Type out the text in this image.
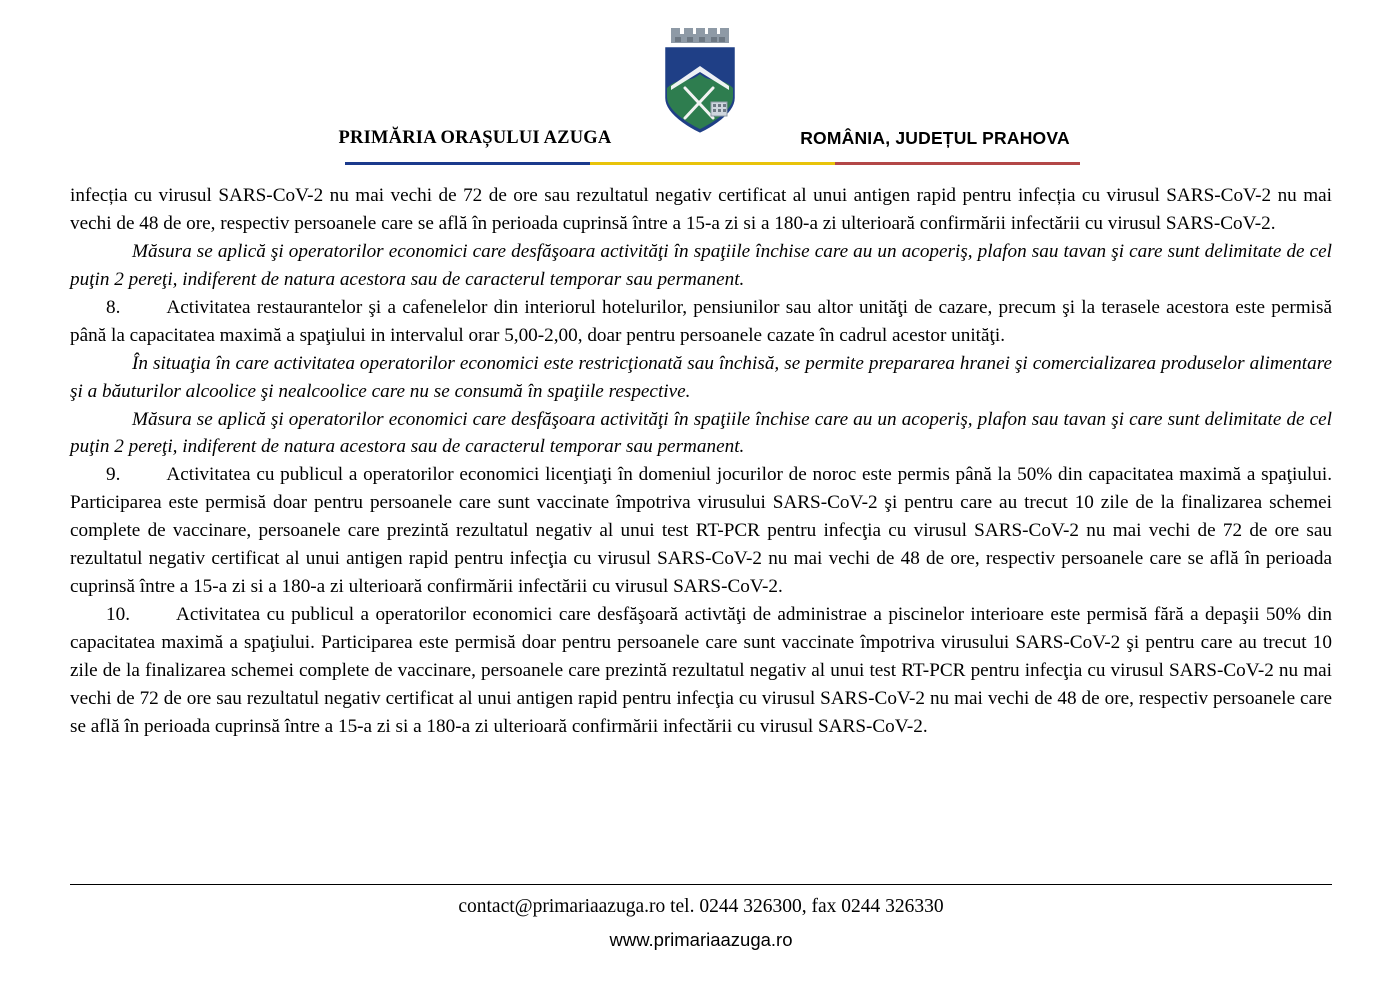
PRIMĂRIA ORAȘULUI AZUGA	ROMÂNIA, JUDEȚUL PRAHOVA

infecția cu virusul SARS-CoV-2 nu mai vechi de 72 de ore sau rezultatul negativ certificat al unui antigen rapid pentru infecția cu virusul SARS-CoV-2 nu mai vechi de 48 de ore, respectiv persoanele care se află în perioada cuprinsă între a 15-a zi si a 180-a zi ulterioară confirmării infectării cu virusul SARS-CoV-2.

Măsura se aplică şi operatorilor economici care desfăşoara activităţi în spaţiile închise care au un acoperiş, plafon sau tavan şi care sunt delimitate de cel puţin 2 pereţi, indiferent de natura acestora sau de caracterul temporar sau permanent.

8. Activitatea restaurantelor şi a cafenelelor din interiorul hotelurilor, pensiunilor sau altor unităţi de cazare, precum şi la terasele acestora este permisă până la capacitatea maximă a spaţiului in intervalul orar 5,00-2,00, doar pentru persoanele cazate în cadrul acestor unităţi.

În situaţia în care activitatea operatorilor economici este restricţionată sau închisă, se permite prepararea hranei şi comercializarea produselor alimentare şi a băuturilor alcoolice şi nealcoolice care nu se consumă în spaţiile respective.

Măsura se aplică şi operatorilor economici care desfăşoara activităţi în spaţiile închise care au un acoperiş, plafon sau tavan şi care sunt delimitate de cel puţin 2 pereţi, indiferent de natura acestora sau de caracterul temporar sau permanent.

9. Activitatea cu publicul a operatorilor economici licenţiaţi în domeniul jocurilor de noroc este permis până la 50% din capacitatea maximă a spaţiului. Participarea este permisă doar pentru persoanele care sunt vaccinate împotriva virusului SARS-CoV-2 şi pentru care au trecut 10 zile de la finalizarea schemei complete de vaccinare, persoanele care prezintă rezultatul negativ al unui test RT-PCR pentru infecţia cu virusul SARS-CoV-2 nu mai vechi de 72 de ore sau rezultatul negativ certificat al unui antigen rapid pentru infecţia cu virusul SARS-CoV-2 nu mai vechi de 48 de ore, respectiv persoanele care se află în perioada cuprinsă între a 15-a zi si a 180-a zi ulterioară confirmării infectării cu virusul SARS-CoV-2.

10. Activitatea cu publicul a operatorilor economici care desfăşoară activtăţi de administrae a piscinelor interioare este permisă fără a depaşii 50% din capacitatea maximă a spaţiului. Participarea este permisă doar pentru persoanele care sunt vaccinate împotriva virusului SARS-CoV-2 şi pentru care au trecut 10 zile de la finalizarea schemei complete de vaccinare, persoanele care prezintă rezultatul negativ al unui test RT-PCR pentru infecţia cu virusul SARS-CoV-2 nu mai vechi de 72 de ore sau rezultatul negativ certificat al unui antigen rapid pentru infecţia cu virusul SARS-CoV-2 nu mai vechi de 48 de ore, respectiv persoanele care se află în perioada cuprinsă între a 15-a zi si a 180-a zi ulterioară confirmării infectării cu virusul SARS-CoV-2.

contact@primariaazuga.ro tel. 0244 326300, fax 0244 326330
www.primariaazuga.ro
